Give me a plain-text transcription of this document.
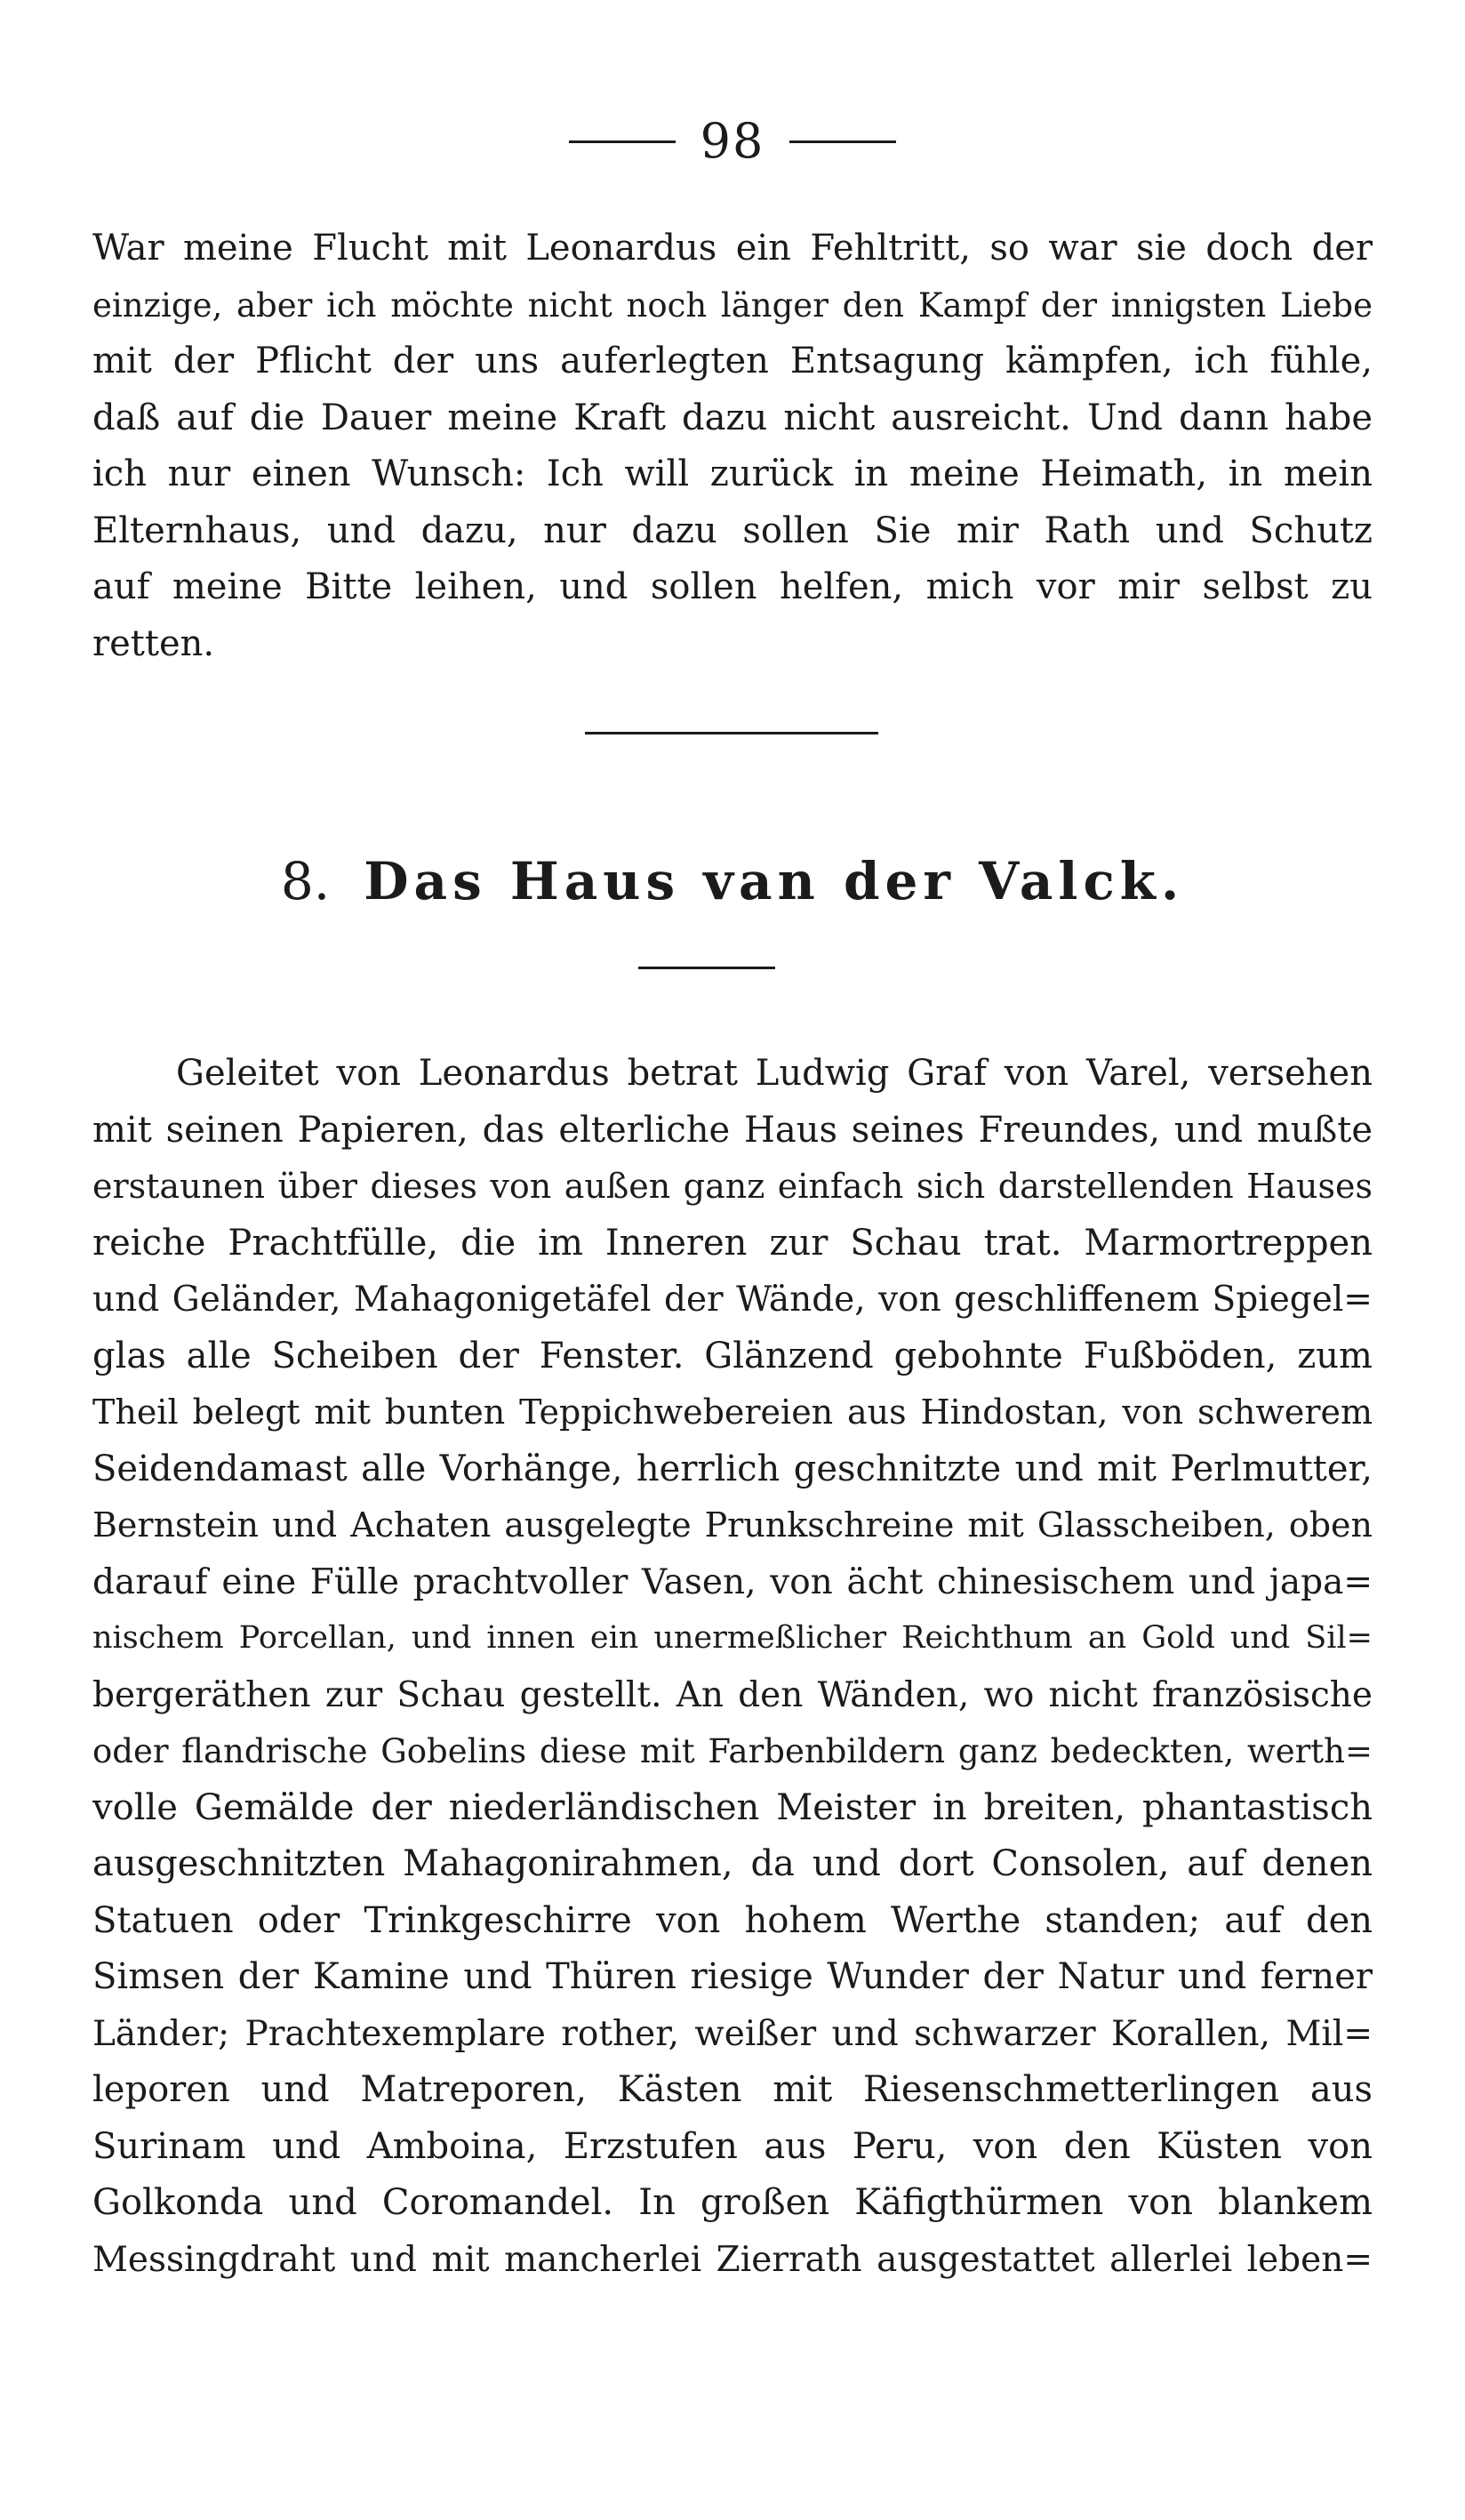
98
War meine Flucht mit Leonardus ein Fehltritt, so war sie doch der
einzige, aber ich möchte nicht noch länger den Kampf der innigsten Liebe
mit der Pflicht der uns auferlegten Entsagung kämpfen, ich fühle,
daß auf die Dauer meine Kraft dazu nicht ausreicht. Und dann habe
ich nur einen Wunsch: Ich will zurück in meine Heimath, in mein
Elternhaus, und dazu, nur dazu sollen Sie mir Rath und Schutz
auf meine Bitte leihen, und sollen helfen, mich vor mir selbst zu
retten.
8. Das Haus van der Valck.
Geleitet von Leonardus betrat Ludwig Graf von Varel, versehen
mit seinen Papieren, das elterliche Haus seines Freundes, und mußte
erstaunen über dieses von außen ganz einfach sich darstellenden Hauses
reiche Prachtfülle, die im Inneren zur Schau trat. Marmortreppen
und Geländer, Mahagonigetäfel der Wände, von geschliffenem Spiegel=
glas alle Scheiben der Fenster. Glänzend gebohnte Fußböden, zum
Theil belegt mit bunten Teppichwebereien aus Hindostan, von schwerem
Seidendamast alle Vorhänge, herrlich geschnitzte und mit Perlmutter,
Bernstein und Achaten ausgelegte Prunkschreine mit Glasscheiben, oben
darauf eine Fülle prachtvoller Vasen, von ächt chinesischem und japa=
nischem Porcellan, und innen ein unermeßlicher Reichthum an Gold und Sil=
bergeräthen zur Schau gestellt. An den Wänden, wo nicht französische
oder flandrische Gobelins diese mit Farbenbildern ganz bedeckten, werth=
volle Gemälde der niederländischen Meister in breiten, phantastisch
ausgeschnitzten Mahagonirahmen, da und dort Consolen, auf denen
Statuen oder Trinkgeschirre von hohem Werthe standen; auf den
Simsen der Kamine und Thüren riesige Wunder der Natur und ferner
Länder; Prachtexemplare rother, weißer und schwarzer Korallen, Mil=
leporen und Matreporen, Kästen mit Riesenschmetterlingen aus
Surinam und Amboina, Erzstufen aus Peru, von den Küsten von
Golkonda und Coromandel. In großen Käfigthürmen von blankem
Messingdraht und mit mancherlei Zierrath ausgestattet allerlei leben=
